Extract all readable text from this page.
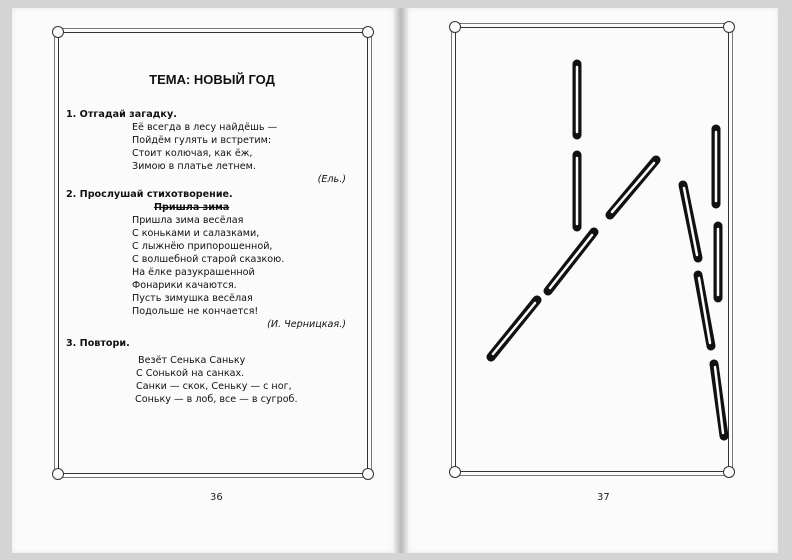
ТЕМА: НОВЫЙ ГОД
1. Отгадай загадку.
Её всегда в лесу найдёшь —
Пойдём гулять и встретим:
Стоит колючая, как ёж,
Зимою в платье летнем.
(Ель.)
2. Прослушай стихотворение.
Пришла зима
Пришла зима весёлая
С коньками и салазками,
С лыжнёю припорошенной,
С волшебной старой сказкою.
На ёлке разукрашенной
Фонарики качаются.
Пусть зимушка весёлая
Подольше не кончается!
(И. Черницкая.)
3. Повтори.
Везёт Сенька Саньку
С Сонькой на санках.
Санки — скок, Сеньку — с ног,
Соньку — в лоб, все — в сугроб.
36	37
